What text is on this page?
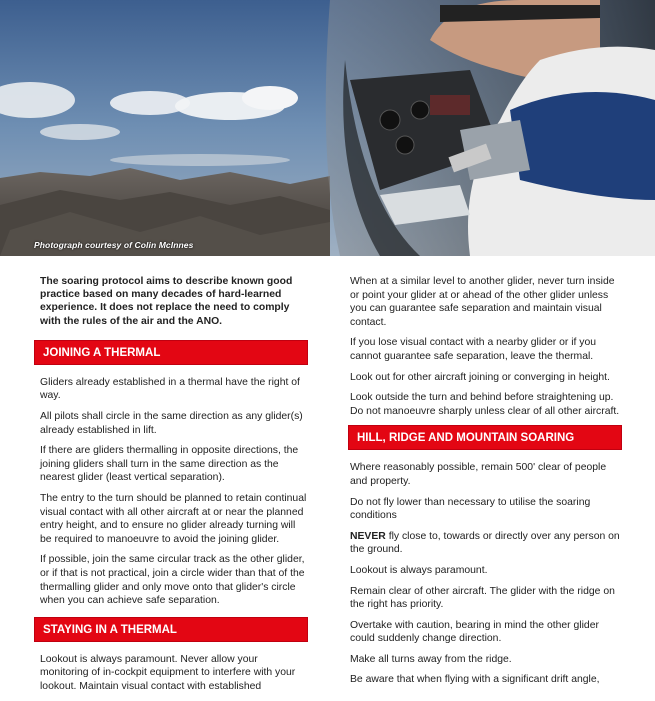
Photograph courtesy of Colin McInnes

The soaring protocol aims to describe known good practice based on many decades of hard-learned experience. It does not replace the need to comply with the rules of the air and the ANO.

JOINING A THERMAL

Gliders already established in a thermal have the right of way.

All pilots shall circle in the same direction as any glider(s) already established in lift.

If there are gliders thermalling in opposite directions, the joining gliders shall turn in the same direction as the nearest glider (least vertical separation).

The entry to the turn should be planned to retain continual visual contact with all other aircraft at or near the planned entry height, and to ensure no glider already turning will be required to manoeuvre to avoid the joining glider.

If possible, join the same circular track as the other glider, or if that is not practical, join a circle wider than that of the thermalling glider and only move onto that glider's circle when you can achieve safe separation.

STAYING IN A THERMAL

Lookout is always paramount. Never allow your monitoring of in-cockpit equipment to interfere with your lookout. Maintain visual contact with established

When at a similar level to another glider, never turn inside or point your glider at or ahead of the other glider unless you can guarantee safe separation and maintain visual contact.

If you lose visual contact with a nearby glider or if you cannot guarantee safe separation, leave the thermal.

Look out for other aircraft joining or converging in height.

Look outside the turn and behind before straightening up. Do not manoeuvre sharply unless clear of all other aircraft.

HILL, RIDGE AND MOUNTAIN SOARING

Where reasonably possible, remain 500' clear of people and property.

Do not fly lower than necessary to utilise the soaring conditions

NEVER fly close to, towards or directly over any person on the ground.

Lookout is always paramount.

Remain clear of other aircraft. The glider with the ridge on the right has priority.

Overtake with caution, bearing in mind the other glider could suddenly change direction.

Make all turns away from the ridge.

Be aware that when flying with a significant drift angle,
